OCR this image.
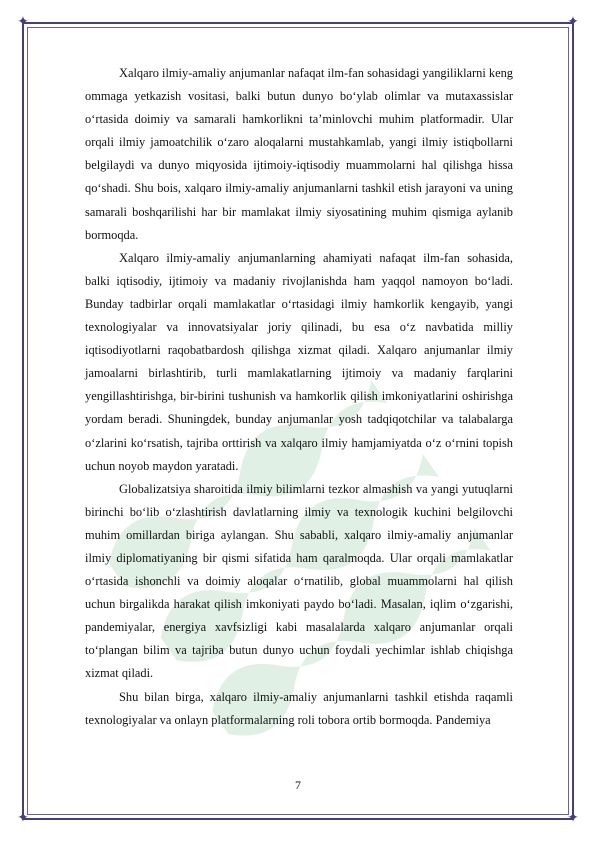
✦	✦
✦	✦

Xalqaro ilmiy-amaliy anjumanlar nafaqat ilm-fan sohasidagi yangiliklarni keng ommaga yetkazish vositasi, balki butun dunyo bo‘ylab olimlar va mutaxassislar o‘rtasida doimiy va samarali hamkorlikni ta’minlovchi muhim platformadir. Ular orqali ilmiy jamoatchilik o‘zaro aloqalarni mustahkamlab, yangi ilmiy istiqbollarni belgilaydi va dunyo miqyosida ijtimoiy-iqtisodiy muammolarni hal qilishga hissa qo‘shadi. Shu bois, xalqaro ilmiy-amaliy anjumanlarni tashkil etish jarayoni va uning samarali boshqarilishi har bir mamlakat ilmiy siyosatining muhim qismiga aylanib bormoqda.

Xalqaro ilmiy-amaliy anjumanlarning ahamiyati nafaqat ilm-fan sohasida, balki iqtisodiy, ijtimoiy va madaniy rivojlanishda ham yaqqol namoyon bo‘ladi. Bunday tadbirlar orqali mamlakatlar o‘rtasidagi ilmiy hamkorlik kengayib, yangi texnologiyalar va innovatsiyalar joriy qilinadi, bu esa o‘z navbatida milliy iqtisodiyotlarni raqobatbardosh qilishga xizmat qiladi. Xalqaro anjumanlar ilmiy jamoalarni birlashtirib, turli mamlakatlarning ijtimoiy va madaniy farqlarini yengillashtirishga, bir-birini tushunish va hamkorlik qilish imkoniyatlarini oshirishga yordam beradi. Shuningdek, bunday anjumanlar yosh tadqiqotchilar va talabalarga o‘zlarini ko‘rsatish, tajriba orttirish va xalqaro ilmiy hamjamiyatda o‘z o‘rnini topish uchun noyob maydon yaratadi.

Globalizatsiya sharoitida ilmiy bilimlarni tezkor almashish va yangi yutuqlarni birinchi bo‘lib o‘zlashtirish davlatlarning ilmiy va texnologik kuchini belgilovchi muhim omillardan biriga aylangan. Shu sababli, xalqaro ilmiy-amaliy anjumanlar ilmiy diplomatiyaning bir qismi sifatida ham qaralmoqda. Ular orqali mamlakatlar o‘rtasida ishonchli va doimiy aloqalar o‘rnatilib, global muammolarni hal qilish uchun birgalikda harakat qilish imkoniyati paydo bo‘ladi. Masalan, iqlim o‘zgarishi, pandemiyalar, energiya xavfsizligi kabi masalalarda xalqaro anjumanlar orqali to‘plangan bilim va tajriba butun dunyo uchun foydali yechimlar ishlab chiqishga xizmat qiladi.

Shu bilan birga, xalqaro ilmiy-amaliy anjumanlarni tashkil etishda raqamli texnologiyalar va onlayn platformalarning roli tobora ortib bormoqda. Pandemiya

7
